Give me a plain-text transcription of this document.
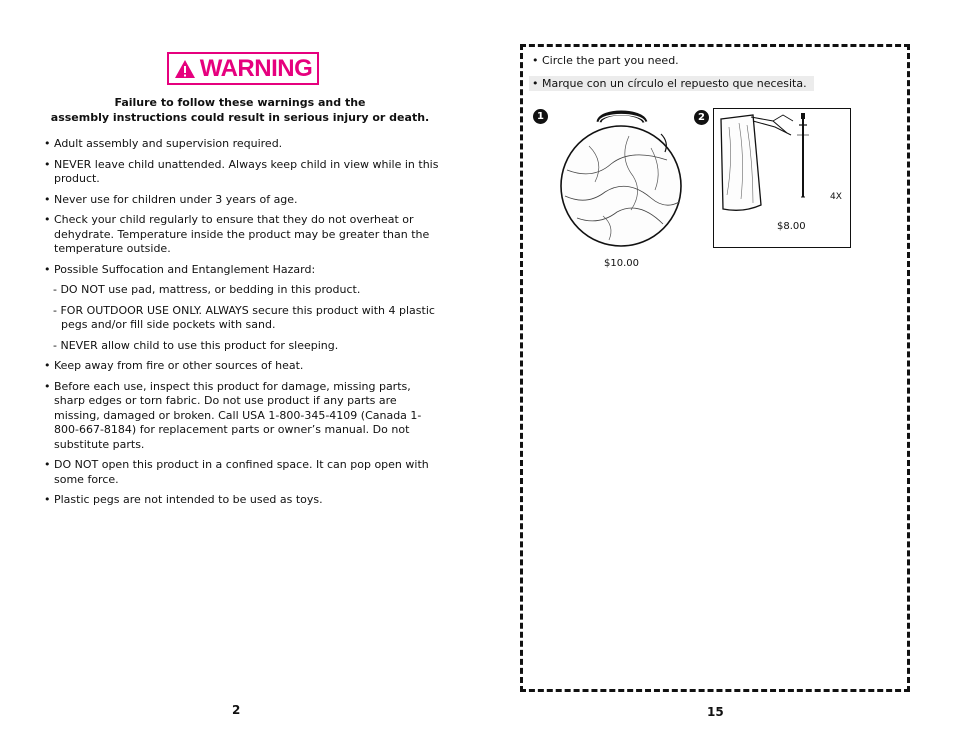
WARNING
Failure to follow these warnings and the
assembly instructions could result in serious injury or death.
• Adult assembly and supervision required.
• NEVER leave child unattended. Always keep child in view while in this product.
• Never use for children under 3 years of age.
• Check your child regularly to ensure that they do not overheat or dehydrate. Temperature inside the product may be greater than the temperature outside.
• Possible Suffocation and Entanglement Hazard:
- DO NOT use pad, mattress, or bedding in this product.
- FOR OUTDOOR USE ONLY. ALWAYS secure this product with 4 plastic pegs and/or fill side pockets with sand.
- NEVER allow child to use this product for sleeping.
• Keep away from fire or other sources of heat.
• Before each use, inspect this product for damage, missing parts, sharp edges or torn fabric. Do not use product if any parts are missing, damaged or broken. Call USA 1-800-345-4109 (Canada 1-800-667-8184) for replacement parts or owner’s manual. Do not substitute parts.
• DO NOT open this product in a confined space. It can pop open with some force.
• Plastic pegs are not intended to be used as toys.
2
• Circle the part you need.
• Marque con un círculo el repuesto que necesita.
1
$10.00
2
4X
$8.00
15
